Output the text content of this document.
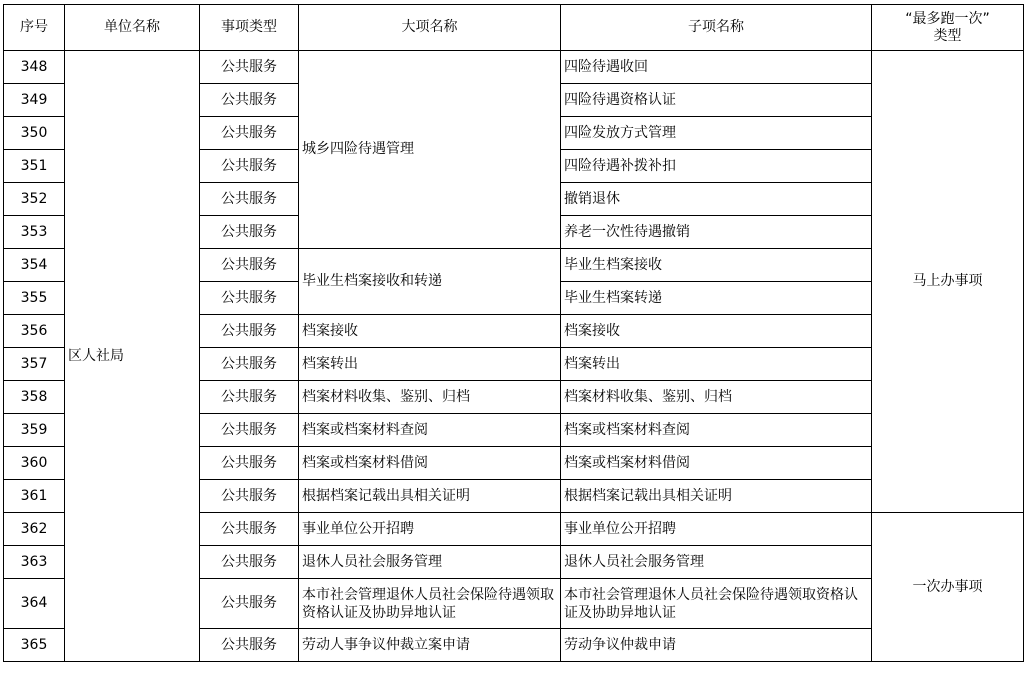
序号	单位名称	事项类型	大项名称	子项名称	“最多跑一次”
类型

348	区人社局	公共服务	城乡四险待遇管理	四险待遇收回	马上办事项
349		公共服务		四险待遇资格认证	
350		公共服务		四险发放方式管理	
351		公共服务		四险待遇补拨补扣	
352		公共服务		撤销退休	
353		公共服务		养老一次性待遇撤销	
354		公共服务	毕业生档案接收和转递	毕业生档案接收	
355		公共服务		毕业生档案转递	
356		公共服务	档案接收	档案接收	
357		公共服务	档案转出	档案转出	
358		公共服务	档案材料收集、鉴别、归档	档案材料收集、鉴别、归档	
359		公共服务	档案或档案材料查阅	档案或档案材料查阅	
360		公共服务	档案或档案材料借阅	档案或档案材料借阅	
361		公共服务	根据档案记载出具相关证明	根据档案记载出具相关证明	
362		公共服务	事业单位公开招聘	事业单位公开招聘	一次办事项
363		公共服务	退休人员社会服务管理	退休人员社会服务管理	
364		公共服务	本市社会管理退休人员社会保险待遇领取资格认证及协助异地认证	本市社会管理退休人员社会保险待遇领取资格认证及协助异地认证	
365		公共服务	劳动人事争议仲裁立案申请	劳动争议仲裁申请	
